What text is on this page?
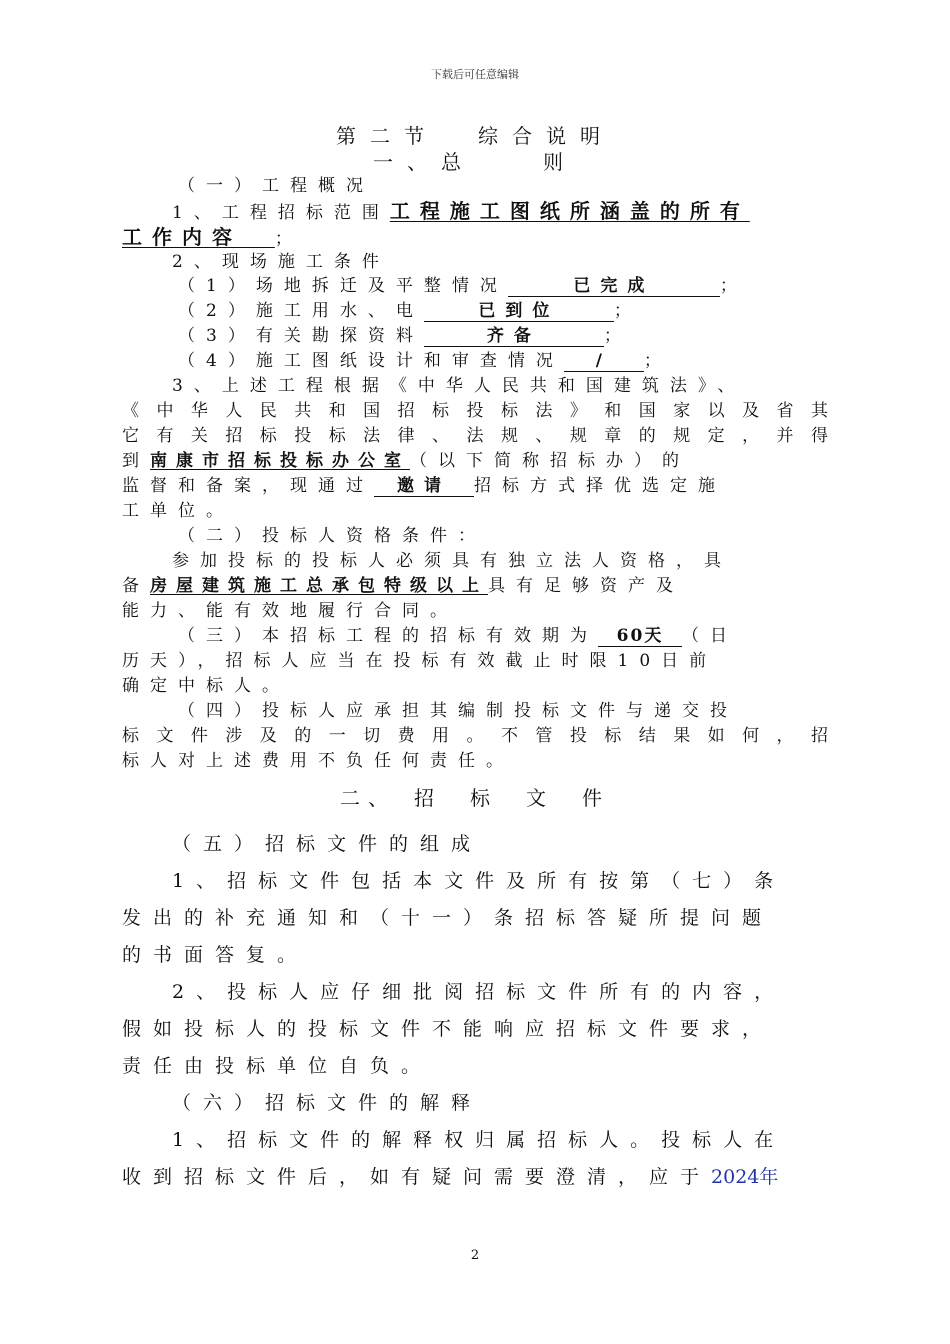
下载后可任意编辑
第二节 综合说明
一、总　　则
（一）工程概况
1、工程招标范围工程施工图纸所涵盖的所有
工作内容 ；
2、现场施工条件
（1）场地拆迁及平整情况	已完成	；
（2）施工用水、电	已到位	；
（3）有关勘探资料	齐备	；
（4）施工图纸设计和审查情况 / ；
3、上述工程根据《中华人民共和国建筑法》、
《中华人民共和国招标投标法》和国家以及省其
它有关招标投标法律、法规、规章的规定，并得
到南康市招标投标办公室（以下简称招标办）的
监督和备案，现通过 邀请 招标方式择优选定施
工单位。
（二）投标人资格条件：
参加投标的投标人必须具有独立法人资格，具
备房屋建筑施工总承包特级以上具有足够资产及
能力、能有效地履行合同。
（三）本招标工程的招标有效期为 60天 （日
历天），招标人应当在投标有效截止时限10日前
确定中标人。
（四）投标人应承担其编制投标文件与递交投
标文件涉及的一切费用。不管投标结果如何，招
标人对上述费用不负任何责任。
二、　招　标　文　件
（五）招标文件的组成
1、招标文件包括本文件及所有按第（七）条
发出的补充通知和（十一）条招标答疑所提问题
的书面答复。
2、投标人应仔细批阅招标文件所有的内容，
假如投标人的投标文件不能响应招标文件要求，
责任由投标单位自负。
（六）招标文件的解释
1、招标文件的解释权归属招标人。投标人在
收到招标文件后，如有疑问需要澄清，应于2024年
2
